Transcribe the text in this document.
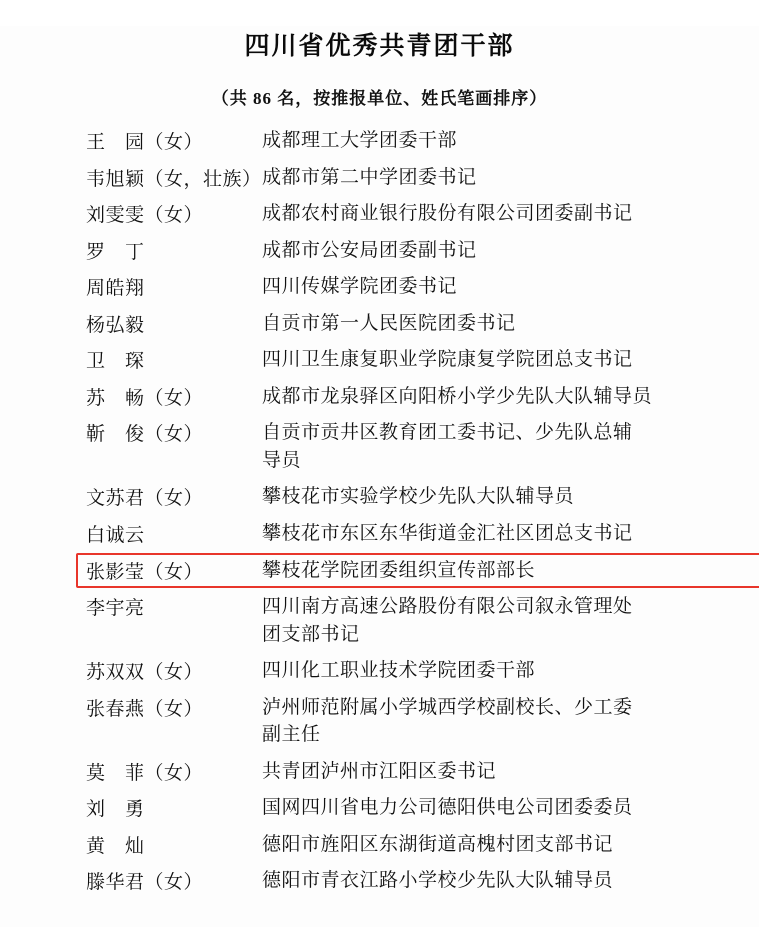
四川省优秀共青团干部
（共 86 名，按推报单位、姓氏笔画排序）
王　园（女）	成都理工大学团委干部
韦旭颖（女，壮族） 成都市第二中学团委书记
刘雯雯（女）	成都农村商业银行股份有限公司团委副书记
罗　丁	成都市公安局团委副书记
周皓翔	四川传媒学院团委书记
杨弘毅	自贡市第一人民医院团委书记
卫　琛	四川卫生康复职业学院康复学院团总支书记
苏　畅（女）	成都市龙泉驿区向阳桥小学少先队大队辅导员
靳　俊（女）	自贡市贡井区教育团工委书记、少先队总辅
导员
文苏君（女）	攀枝花市实验学校少先队大队辅导员
白诚云	攀枝花市东区东华街道金汇社区团总支书记
张影莹（女）	攀枝花学院团委组织宣传部部长
李宇亮	四川南方高速公路股份有限公司叙永管理处
团支部书记
苏双双（女）	四川化工职业技术学院团委干部
张春燕（女）	泸州师范附属小学城西学校副校长、少工委
副主任
莫　菲（女）	共青团泸州市江阳区委书记
刘　勇	国网四川省电力公司德阳供电公司团委委员
黄　灿	德阳市旌阳区东湖街道高槐村团支部书记
滕华君（女）	德阳市青衣江路小学校少先队大队辅导员
